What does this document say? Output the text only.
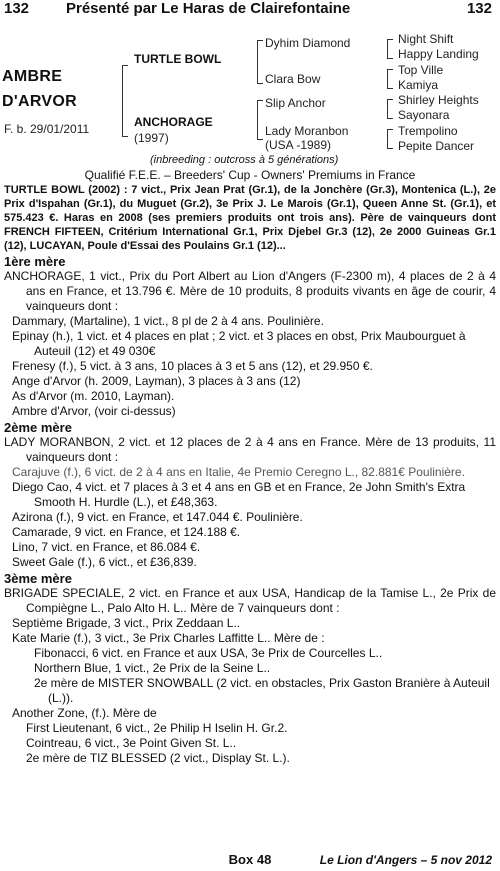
132 Présenté par Le Haras de Clairefontaine	132
AMBRE
D'ARVOR
F. b. 29/01/2011
TURTLE BOWL
ANCHORAGE
(1997)
Dyhim Diamond
Clara Bow
Slip Anchor
Lady Moranbon
(USA -1989)
Night Shift
Happy Landing
Top Ville
Kamiya
Shirley Heights
Sayonara
Trempolino
Pepite Dancer
(inbreeding : outcross à 5 générations)

Qualifié F.E.E. – Breeders' Cup - Owners' Premiums in France

TURTLE BOWL (2002) : 7 vict., Prix Jean Prat (Gr.1), de la Jonchère (Gr.3), Montenica (L.), 2e Prix d'Ispahan (Gr.1), du Muguet (Gr.2), 3e Prix J. Le Marois (Gr.1), Queen Anne St. (Gr.1), et 575.423 €. Haras en 2008 (ses premiers produits ont trois ans). Père de vainqueurs dont FRENCH FIFTEEN, Critérium International Gr.1, Prix Djebel Gr.3 (12), 2e 2000 Guineas Gr.1 (12), LUCAYAN, Poule d'Essai des Poulains Gr.1 (12)...

1ère mère

ANCHORAGE, 1 vict., Prix du Port Albert au Lion d'Angers (F-2300 m), 4 places de 2 à 4 ans en France, et 13.796 €. Mère de 10 produits, 8 produits vivants en âge de courir, 4 vainqueurs dont :

Dammary, (Martaline), 1 vict., 8 pl de 2 à 4 ans. Poulinière.

Epinay (h.), 1 vict. et 4 places en plat ; 2 vict. et 3 places en obst, Prix Maubourguet à Auteuil (12) et 49 030€

Frenesy (f.), 5 vict. à 3 ans, 10 places à 3 et 5 ans (12), et 29.950 €.

Ange d'Arvor (h. 2009, Layman), 3 places à 3 ans (12)

As d'Arvor (m. 2010, Layman).

Ambre d'Arvor, (voir ci-dessus)

2ème mère

LADY MORANBON, 2 vict. et 12 places de 2 à 4 ans en France. Mère de 13 produits, 11 vainqueurs dont :

Carajuve (f.), 6 vict. de 2 à 4 ans en Italie, 4e Premio Ceregno L., 82.881€ Poulinière.

Diego Cao, 4 vict. et 7 places à 3 et 4 ans en GB et en France, 2e John Smith's Extra Smooth H. Hurdle (L.), et £48,363.

Azirona (f.), 9 vict. en France, et 147.044 €. Poulinière.

Camarade, 9 vict. en France, et 124.188 €.

Lino, 7 vict. en France, et 86.084 €.

Sweet Gale (f.), 6 vict., et £36,839.

3ème mère

BRIGADE SPECIALE, 2 vict. en France et aux USA, Handicap de la Tamise L., 2e Prix de Compiègne L., Palo Alto H. L.. Mère de 7 vainqueurs dont :

Septième Brigade, 3 vict., Prix Zeddaan L..

Kate Marie (f.), 3 vict., 3e Prix Charles Laffitte L.. Mère de :

Fibonacci, 6 vict. en France et aux USA, 3e Prix de Courcelles L..

Northern Blue, 1 vict., 2e Prix de la Seine L..

2e mère de MISTER SNOWBALL (2 vict. en obstacles, Prix Gaston Branière à Auteuil (L.)).

Another Zone, (f.). Mère de

First Lieutenant, 6 vict., 2e Philip H Iselin H. Gr.2.

Cointreau, 6 vict., 3e Point Given St. L..

2e mère de TIZ BLESSED (2 vict., Display St. L.).

Box 48	Le Lion d'Angers – 5 nov 2012
